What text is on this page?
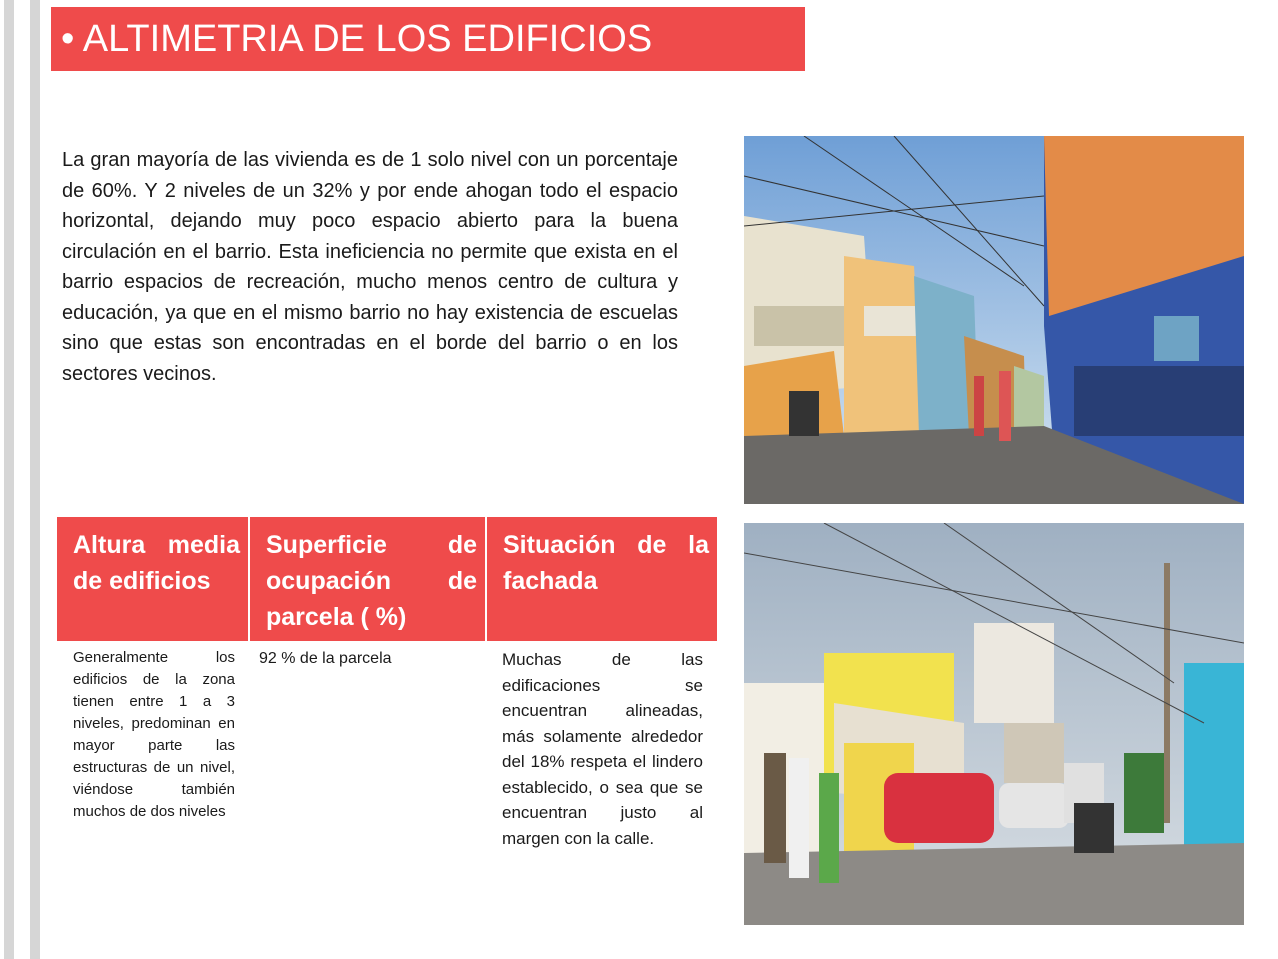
• ALTIMETRIA DE LOS EDIFICIOS
La gran mayoría de las vivienda es de 1 solo nivel con un porcentaje de 60%. Y 2 niveles de un 32% y por ende ahogan todo el espacio horizontal, dejando muy poco espacio abierto para la buena circulación en el barrio. Esta ineficiencia no permite que exista en el barrio espacios de recreación, mucho menos centro de cultura y educación, ya que en el mismo barrio no hay existencia de escuelas sino que estas son encontradas en el borde del barrio o en los sectores vecinos.
Altura media de edificios	Superficie de ocupación de parcela ( %)	Situación de la fachada
Generalmente los edificios de la zona tienen entre 1 a 3 niveles, predominan en mayor parte las estructuras de un nivel, viéndose también muchos de dos niveles	92 % de la parcela	Muchas de las edificaciones se encuentran alineadas, más solamente alrededor del 18% respeta el lindero establecido, o sea que se encuentran justo al margen con la calle.
